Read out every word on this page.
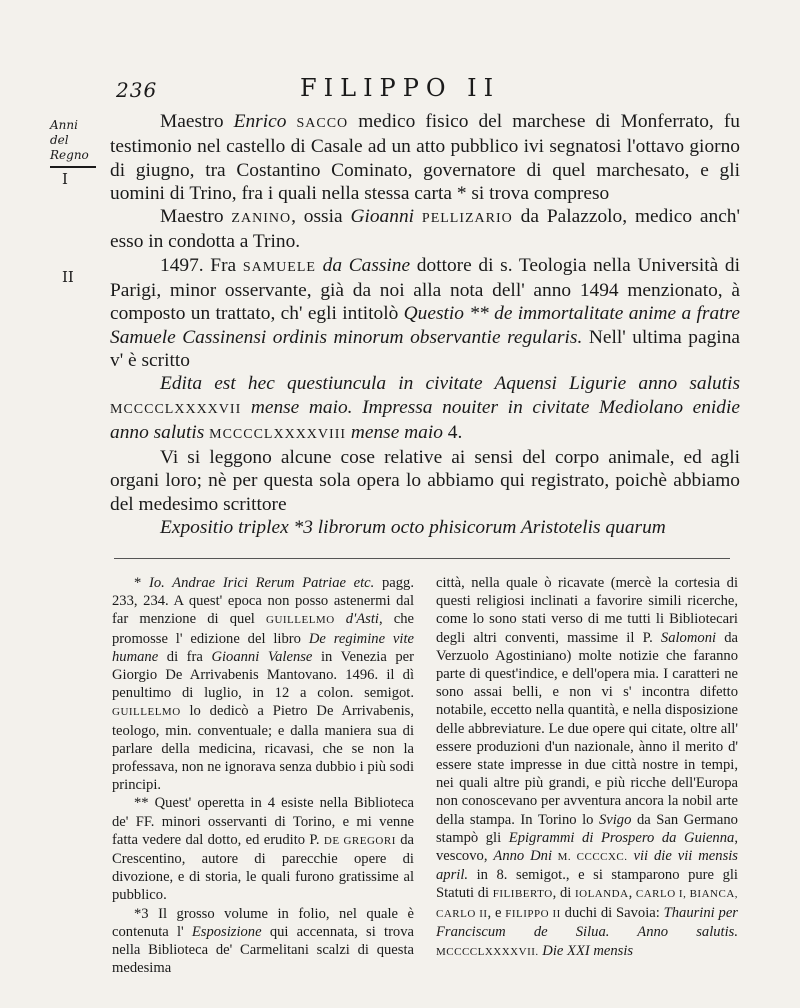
236	FILIPPO II
Anni
del Regno
I
II

Maestro Enrico SACCO medico fisico del marchese di Monferrato, fu testimonio nel castello di Casale ad un atto pubblico ivi segnatosi l'ottavo giorno di giugno, tra Costantino Cominato, governatore di quel marchesato, e gli uomini di Trino, fra i quali nella stessa carta * si trova compreso

Maestro ZANINO, ossia Gioanni PELLIZARIO da Palazzolo, medico anch' esso in condotta a Trino.

1497. Fra SAMUELE da Cassine dottore di s. Teologia nella Università di Parigi, minor osservante, già da noi alla nota dell' anno 1494 menzionato, à composto un trattato, ch' egli intitolò Questio ** de immortalitate anime a fratre Samuele Cassinensi ordinis minorum observantie regularis. Nell' ultima pagina v' è scritto

Edita est hec questiuncula in civitate Aquensi Ligurie anno salutis MCCCCLXXXXVII mense maio. Impressa nouiter in civitate Mediolano enidie anno salutis MCCCCLXXXXVIII mense maio 4.

Vi si leggono alcune cose relative ai sensi del corpo animale, ed agli organi loro; nè per questa sola opera lo abbiamo qui registrato, poichè abbiamo del medesimo scrittore

Expositio triplex *3 librorum octo phisicorum Aristotelis quarum

* Io. Andrae Irici Rerum Patriae etc. pagg. 233, 234. A quest' epoca non posso astenermi dal far menzione di quel GUILLELMO d'Asti, che promosse l' edizione del libro De regimine vite humane di fra Gioanni Valense in Venezia per Giorgio De Arrivabenis Mantovano. 1496. il dì penultimo di luglio, in 12 a colon. semigot. GUILLELMO lo dedicò a Pietro De Arrivabenis, teologo, min. conventuale; e dalla maniera sua di parlare della medicina, ricavasi, che se non la professava, non ne ignorava senza dubbio i più sodi principi.

** Quest' operetta in 4 esiste nella Biblioteca de' FF. minori osservanti di Torino, e mi venne fatta vedere dal dotto, ed erudito P. DE GREGORI da Crescentino, autore di parecchie opere di divozione, e di storia, le quali furono gratissime al pubblico.

*3 Il grosso volume in folio, nel quale è contenuta l' Esposizione qui accennata, si trova nella Biblioteca de' Carmelitani scalzi di questa medesima

città, nella quale ò ricavate (mercè la cortesia di questi religiosi inclinati a favorire simili ricerche, come lo sono stati verso di me tutti li Bibliotecari degli altri conventi, massime il P. Salomoni da Verzuolo Agostiniano) molte notizie che faranno parte di quest'indice, e dell'opera mia. I caratteri ne sono assai belli, e non vi s' incontra difetto notabile, eccetto nella quantità, e nella disposizione delle abbreviature. Le due opere qui citate, oltre all' essere produzioni d'un nazionale, ànno il merito d' essere state impresse in due città nostre in tempi, nei quali altre più grandi, e più ricche dell'Europa non conoscevano per avventura ancora la nobil arte della stampa. In Torino lo Svigo da San Germano stampò gli Epigrammi di Prospero da Guienna, vescovo, Anno Dni M. CCCCXC. vii die vii mensis april. in 8. semigot., e si stamparono pure gli Statuti di FILIBERTO, di IOLANDA, CARLO I, BIANCA, CARLO II, e FILIPPO II duchi di Savoia: Thaurini per Franciscum de Silua. Anno salutis. MCCCCLXXXXVII. Die XXI mensis
